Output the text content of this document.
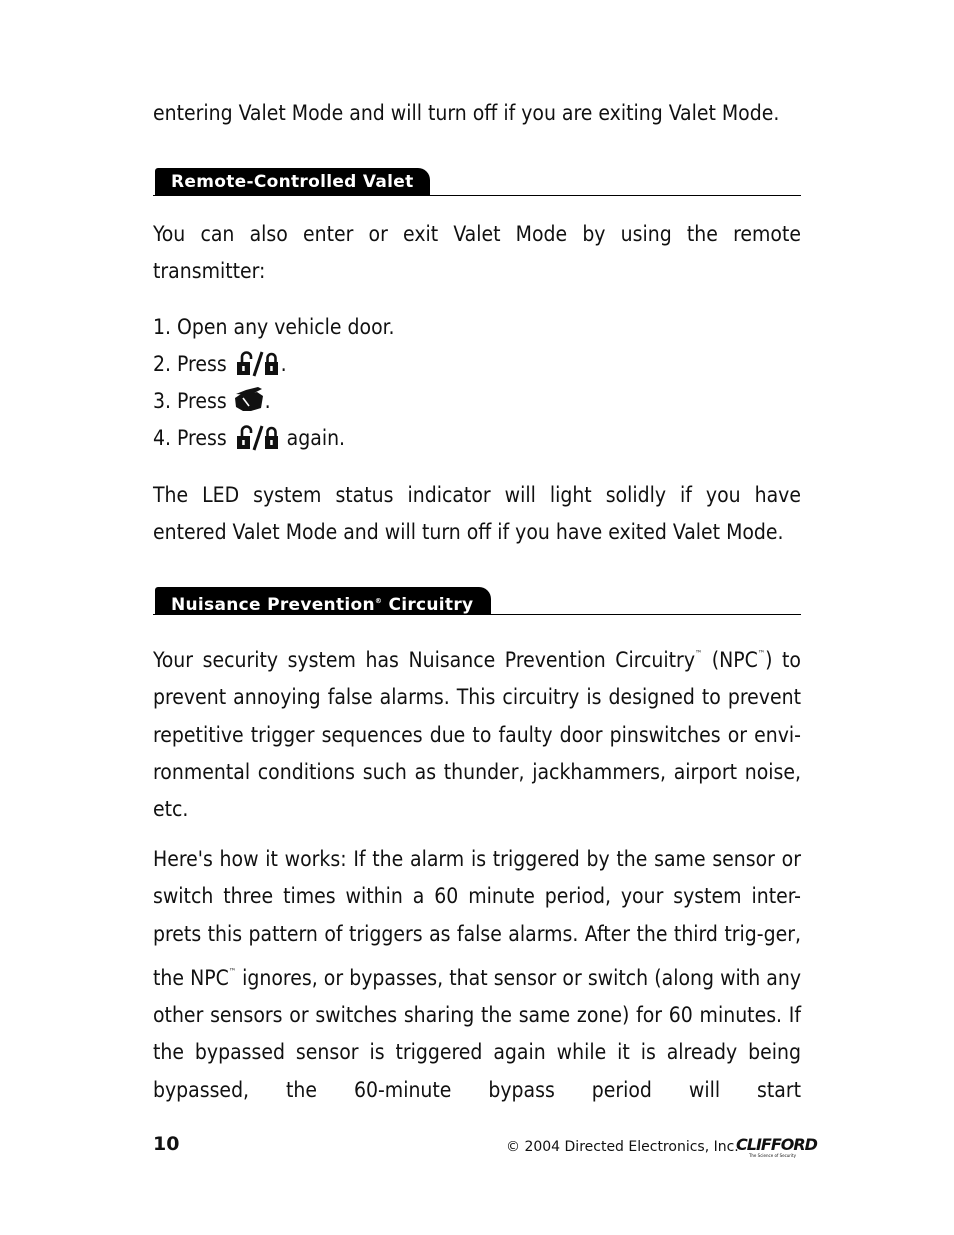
entering Valet Mode and will turn off if you are exiting Valet Mode.

Remote-Controlled Valet

You can also enter or exit Valet Mode by using the remote

transmitter:

1. Open any vehicle door.
2. Press	.
3. Press .
4. Press	again.

The LED system status indicator will light solidly if you have

entered Valet Mode and will turn off if you have exited Valet Mode.

Nuisance Prevention® Circuitry

Your security system has Nuisance Prevention Circuitry™ (NPC™) to prevent annoying false alarms. This circuitry is designed to prevent repetitive trigger sequences due to faulty door pinswitches or envi-ronmental conditions such as thunder, jackhammers, airport noise, etc.

Here's how it works: If the alarm is triggered by the same sensor or switch three times within a 60 minute period, your system inter-prets this pattern of triggers as false alarms. After the third trig-ger, the NPC™ ignores, or bypasses, that sensor or switch (along with any other sensors or switches sharing the same zone) for 60 minutes. If the bypassed sensor is triggered again while it is already being bypassed, the 60-minute bypass period will start

10	© 2004 Directed Electronics, Inc.
CLIFFORD
The Science of Security
